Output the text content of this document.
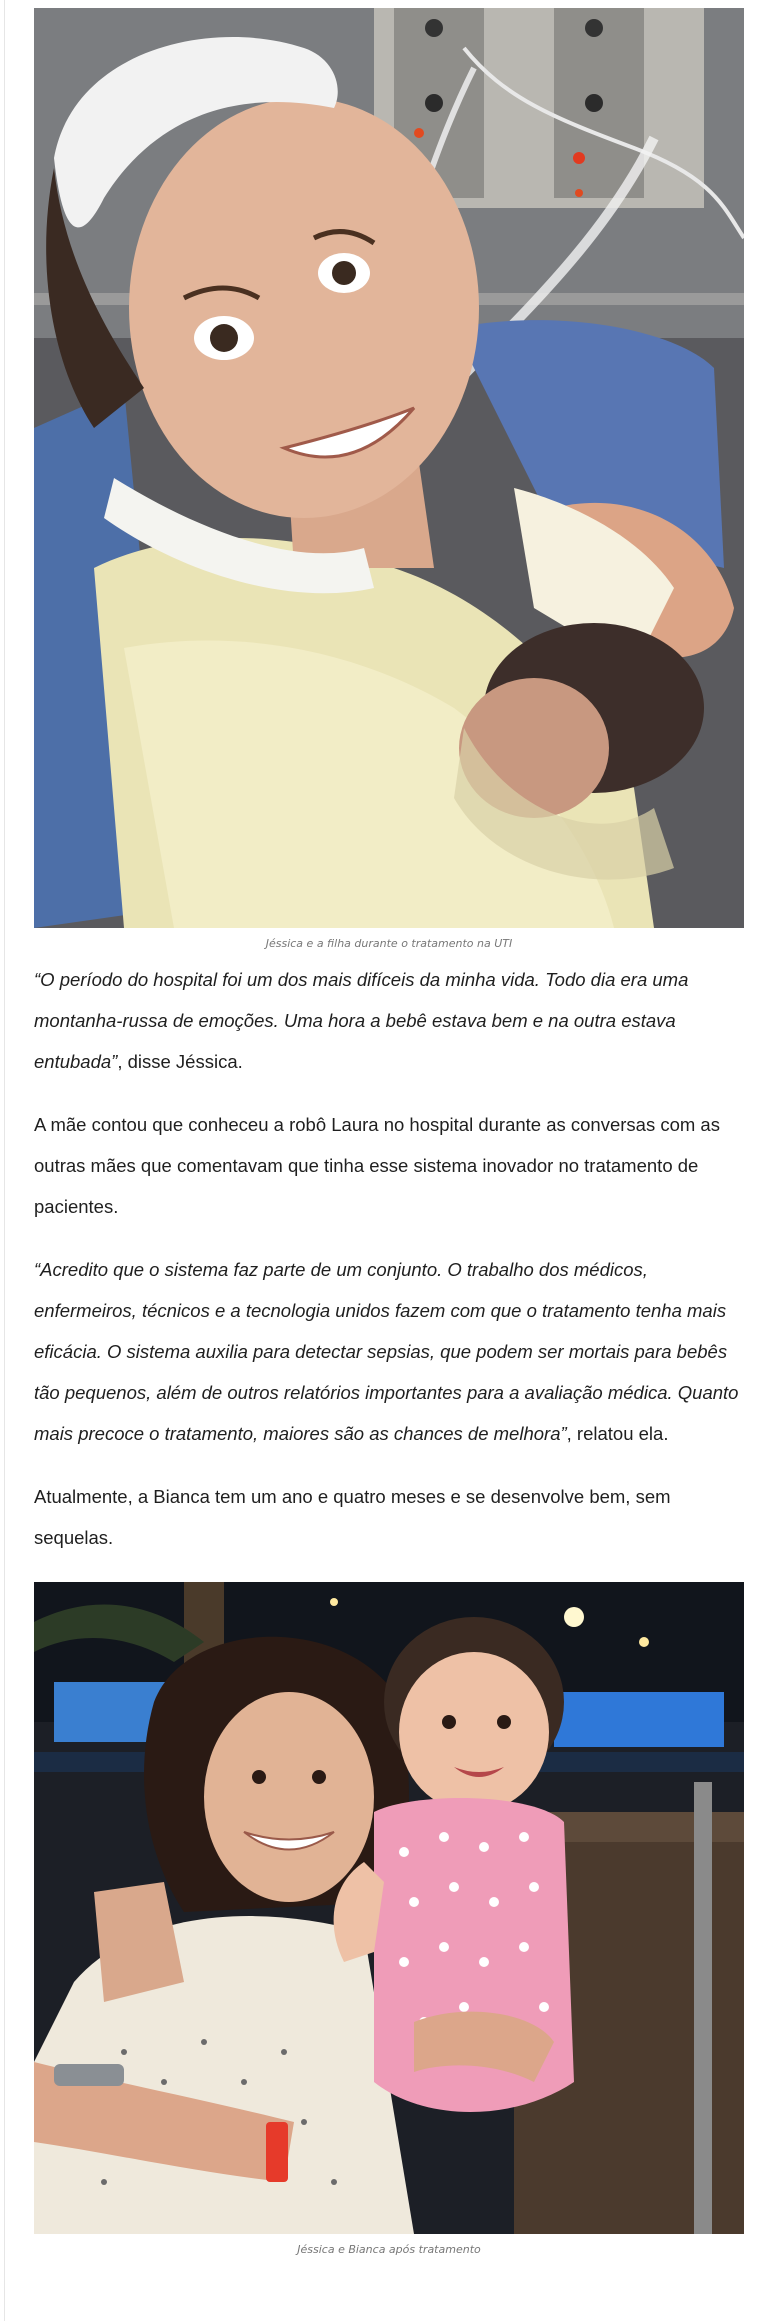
Jéssica e a filha durante o tratamento na UTI

“O período do hospital foi um dos mais difíceis da minha vida. Todo dia era uma montanha-russa de emoções. Uma hora a bebê estava bem e na outra estava entubada”, disse Jéssica.

A mãe contou que conheceu a robô Laura no hospital durante as conversas com as outras mães que comentavam que tinha esse sistema inovador no tratamento de pacientes.

“Acredito que o sistema faz parte de um conjunto. O trabalho dos médicos, enfermeiros, técnicos e a tecnologia unidos fazem com que o tratamento tenha mais eficácia. O sistema auxilia para detectar sepsias, que podem ser mortais para bebês tão pequenos, além de outros relatórios importantes para a avaliação médica. Quanto mais precoce o tratamento, maiores são as chances de melhora”, relatou ela.

Atualmente, a Bianca tem um ano e quatro meses e se desenvolve bem, sem sequelas.

Jéssica e Bianca após tratamento
